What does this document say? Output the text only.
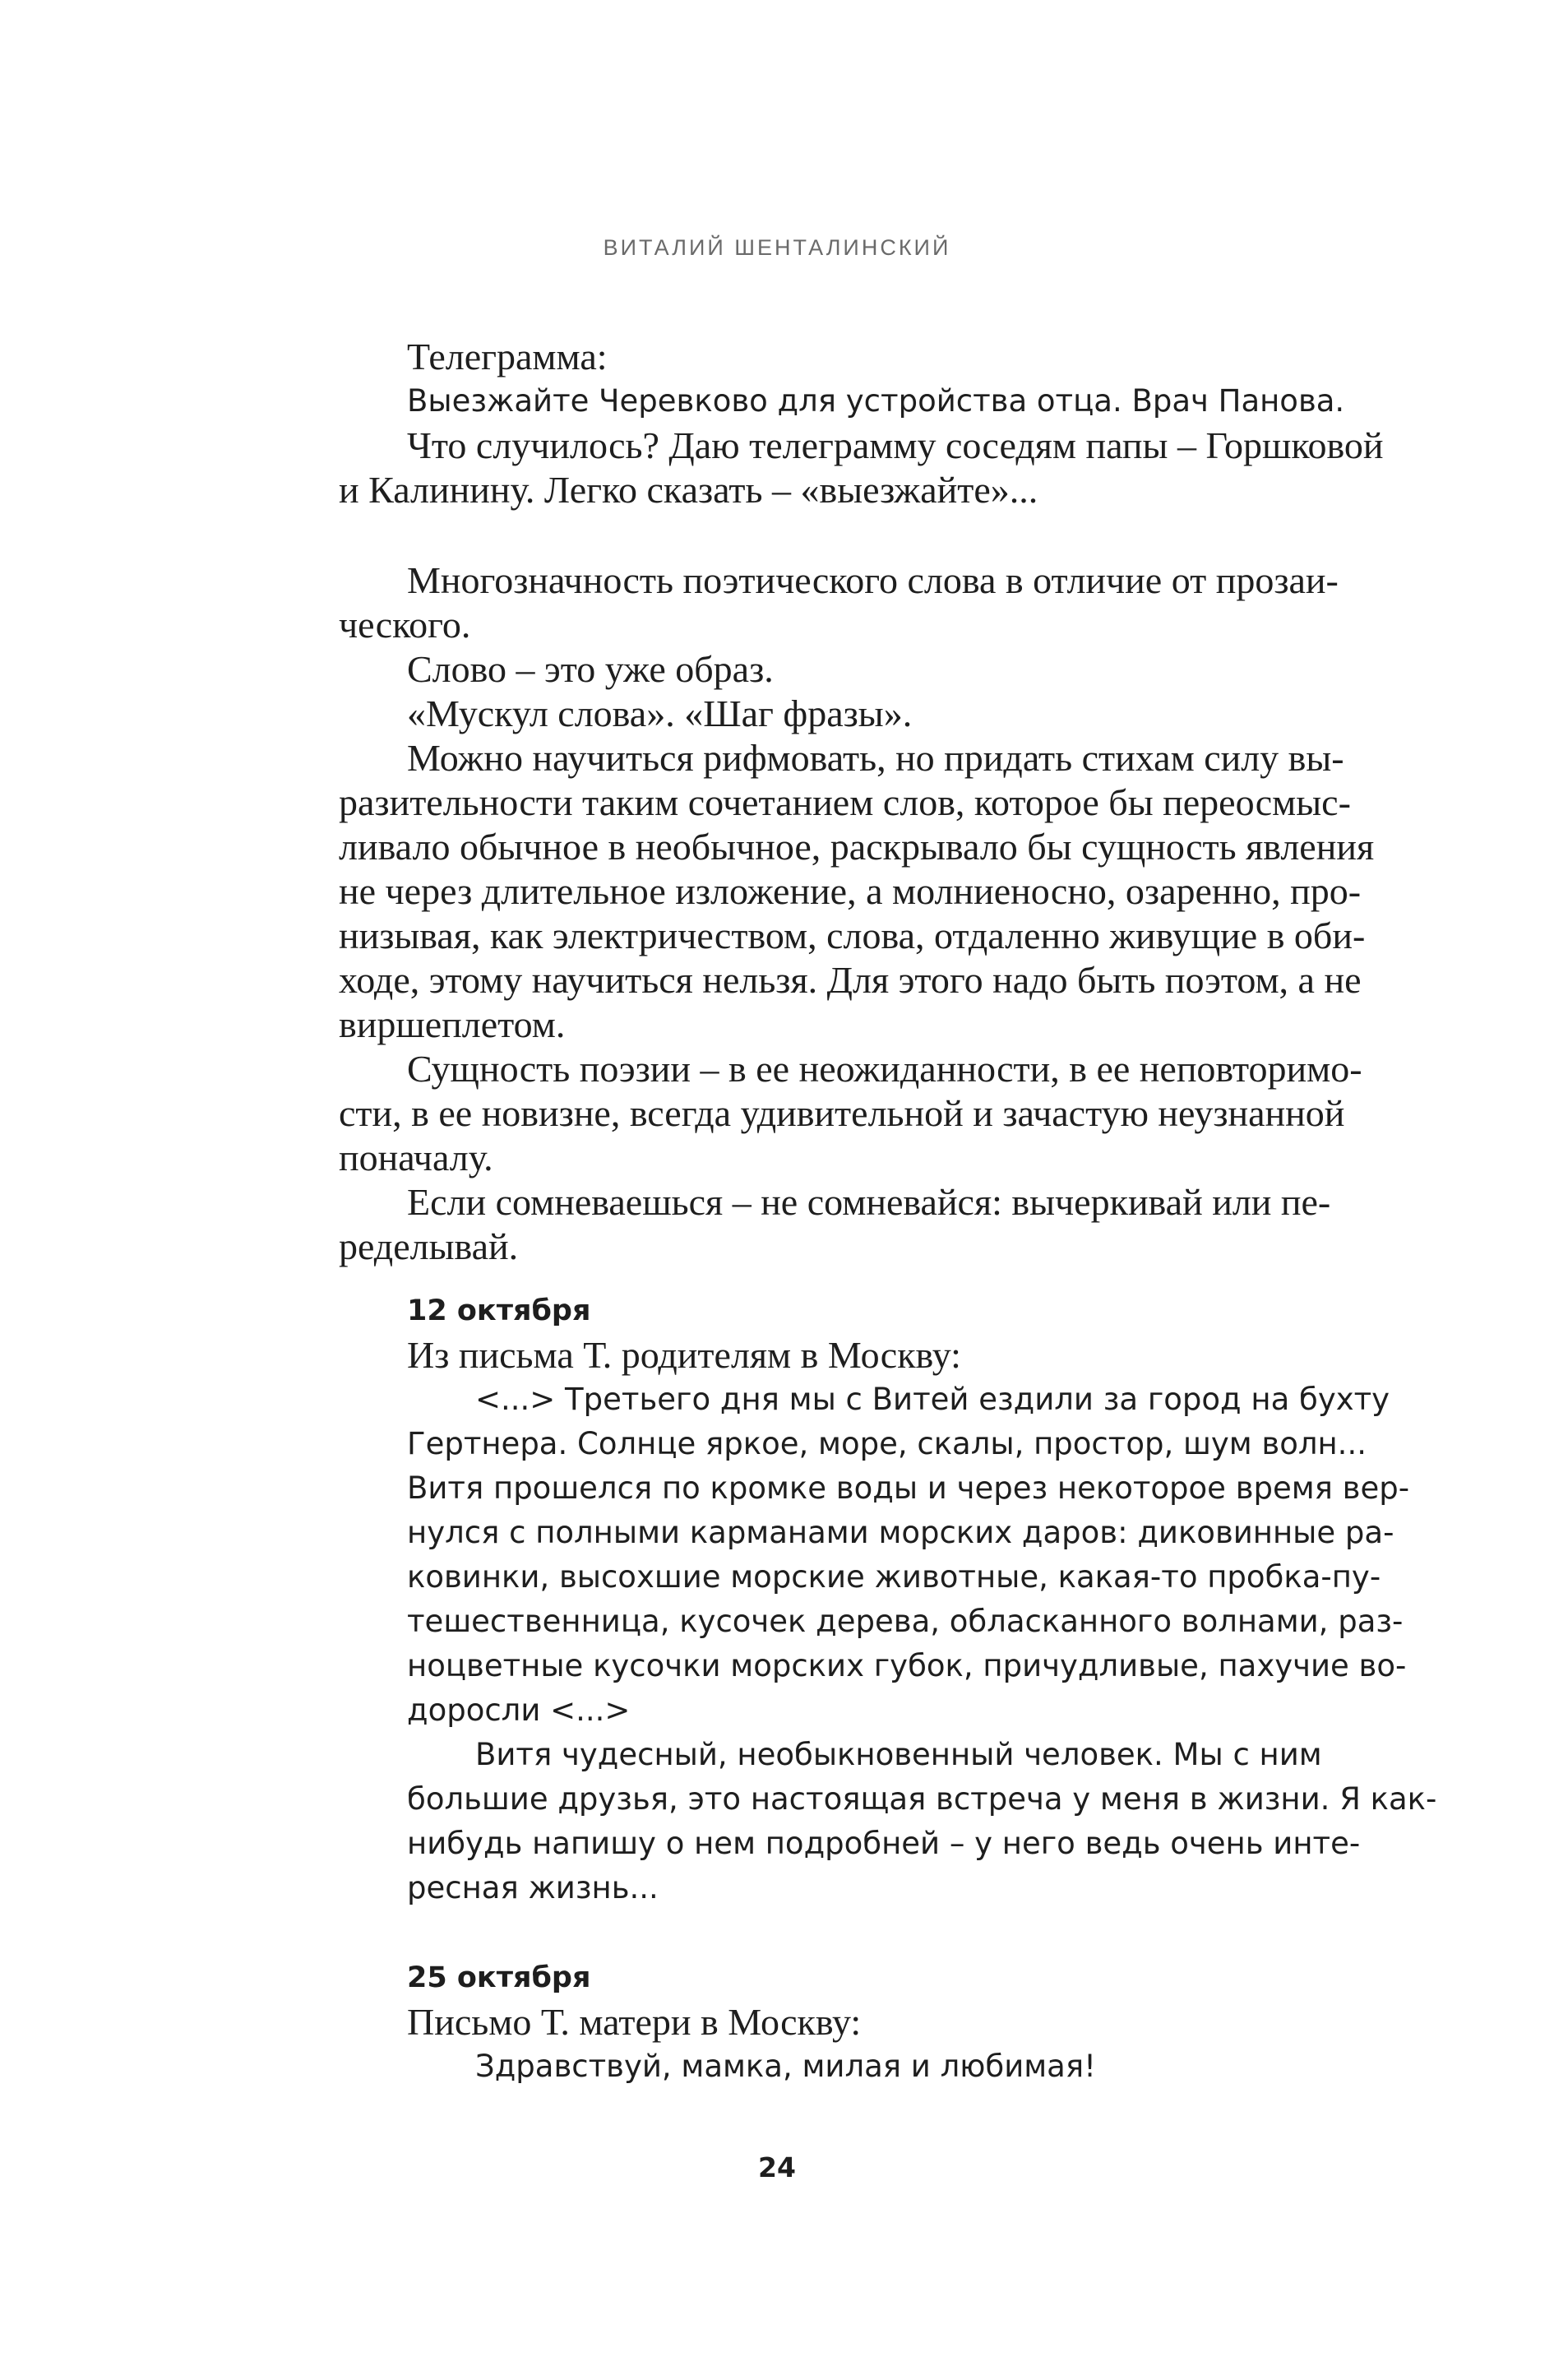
ВИТАЛИЙ ШЕНТАЛИНСКИЙ
Телеграмма:
Выезжайте Черевково для устройства отца. Врач Панова.
Что случилось? Даю телеграмму соседям папы – Горшковой
и Калинину. Легко сказать – «выезжайте»...
Многозначность поэтического слова в отличие от прозаи-
ческого.
Слово – это уже образ.
«Мускул слова». «Шаг фразы».
Можно научиться рифмовать, но придать стихам силу вы-
разительности таким сочетанием слов, которое бы переосмыс-
ливало обычное в необычное, раскрывало бы сущность явления
не через длительное изложение, а молниеносно, озаренно, про-
низывая, как электричеством, слова, отдаленно живущие в оби-
ходе, этому научиться нельзя. Для этого надо быть поэтом, а не
виршеплетом.
Сущность поэзии – в ее неожиданности, в ее неповторимо-
сти, в ее новизне, всегда удивительной и зачастую неузнанной
поначалу.
Если сомневаешься – не сомневайся: вычеркивай или пе-
ределывай.
12 октября
Из письма Т. родителям в Москву:
<...> Третьего дня мы с Витей ездили за город на бухту
Гертнера. Солнце яркое, море, скалы, простор, шум волн...
Витя прошелся по кромке воды и через некоторое время вер-
нулся с полными карманами морских даров: диковинные ра-
ковинки, высохшие морские животные, какая-то пробка-пу-
тешественница, кусочек дерева, обласканного волнами, раз-
ноцветные кусочки морских губок, причудливые, пахучие во-
доросли <...>
Витя чудесный, необыкновенный человек. Мы с ним
большие друзья, это настоящая встреча у меня в жизни. Я как-
нибудь напишу о нем подробней – у него ведь очень инте-
ресная жизнь...
25 октября
Письмо Т. матери в Москву:
Здравствуй, мамка, милая и любимая!
24
